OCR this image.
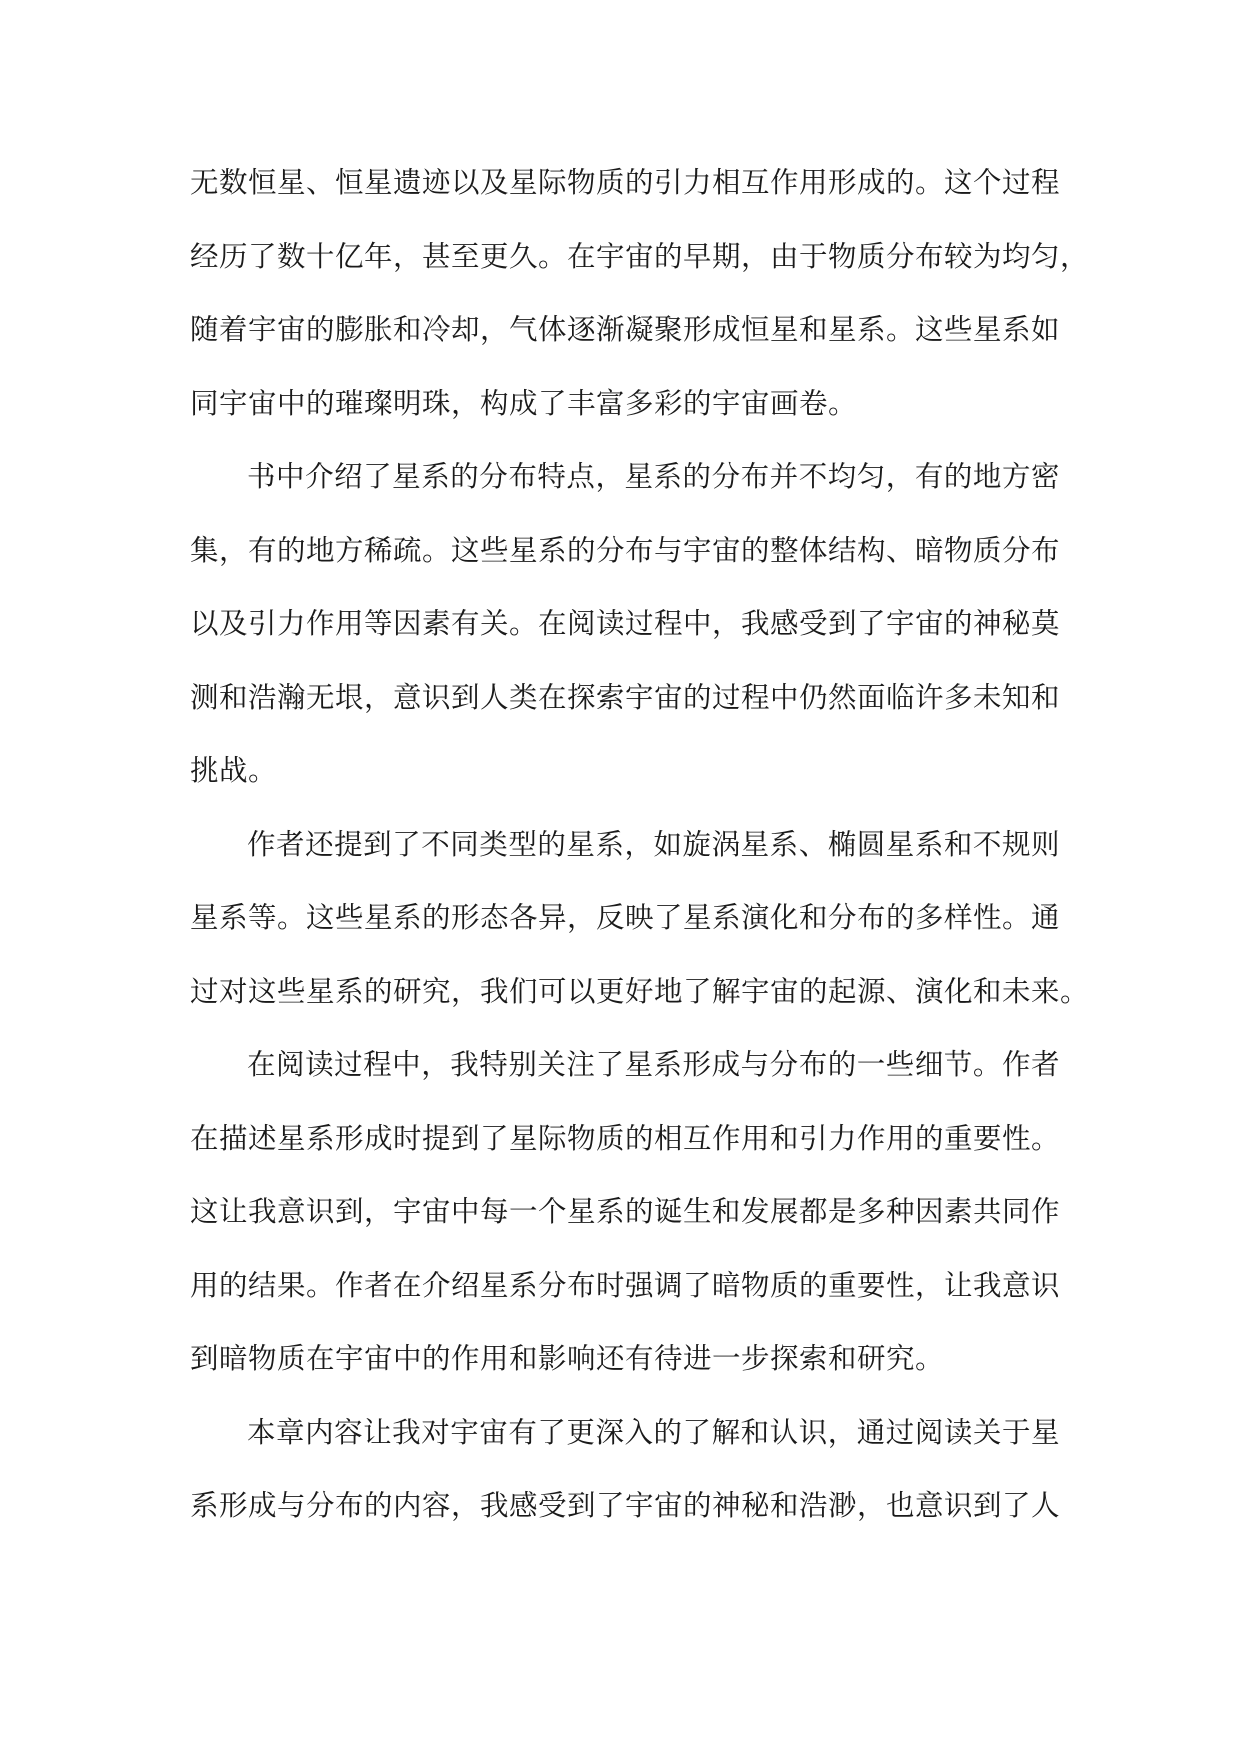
无数恒星、恒星遗迹以及星际物质的引力相互作用形成的。这个过程
经历了数十亿年，甚至更久。在宇宙的早期，由于物质分布较为均匀，
随着宇宙的膨胀和冷却，气体逐渐凝聚形成恒星和星系。这些星系如
同宇宙中的璀璨明珠，构成了丰富多彩的宇宙画卷。
书中介绍了星系的分布特点，星系的分布并不均匀，有的地方密
集，有的地方稀疏。这些星系的分布与宇宙的整体结构、暗物质分布
以及引力作用等因素有关。在阅读过程中，我感受到了宇宙的神秘莫
测和浩瀚无垠，意识到人类在探索宇宙的过程中仍然面临许多未知和
挑战。
作者还提到了不同类型的星系，如旋涡星系、椭圆星系和不规则
星系等。这些星系的形态各异，反映了星系演化和分布的多样性。通
过对这些星系的研究，我们可以更好地了解宇宙的起源、演化和未来。
在阅读过程中，我特别关注了星系形成与分布的一些细节。作者
在描述星系形成时提到了星际物质的相互作用和引力作用的重要性。
这让我意识到，宇宙中每一个星系的诞生和发展都是多种因素共同作
用的结果。作者在介绍星系分布时强调了暗物质的重要性，让我意识
到暗物质在宇宙中的作用和影响还有待进一步探索和研究。
本章内容让我对宇宙有了更深入的了解和认识，通过阅读关于星
系形成与分布的内容，我感受到了宇宙的神秘和浩渺，也意识到了人
